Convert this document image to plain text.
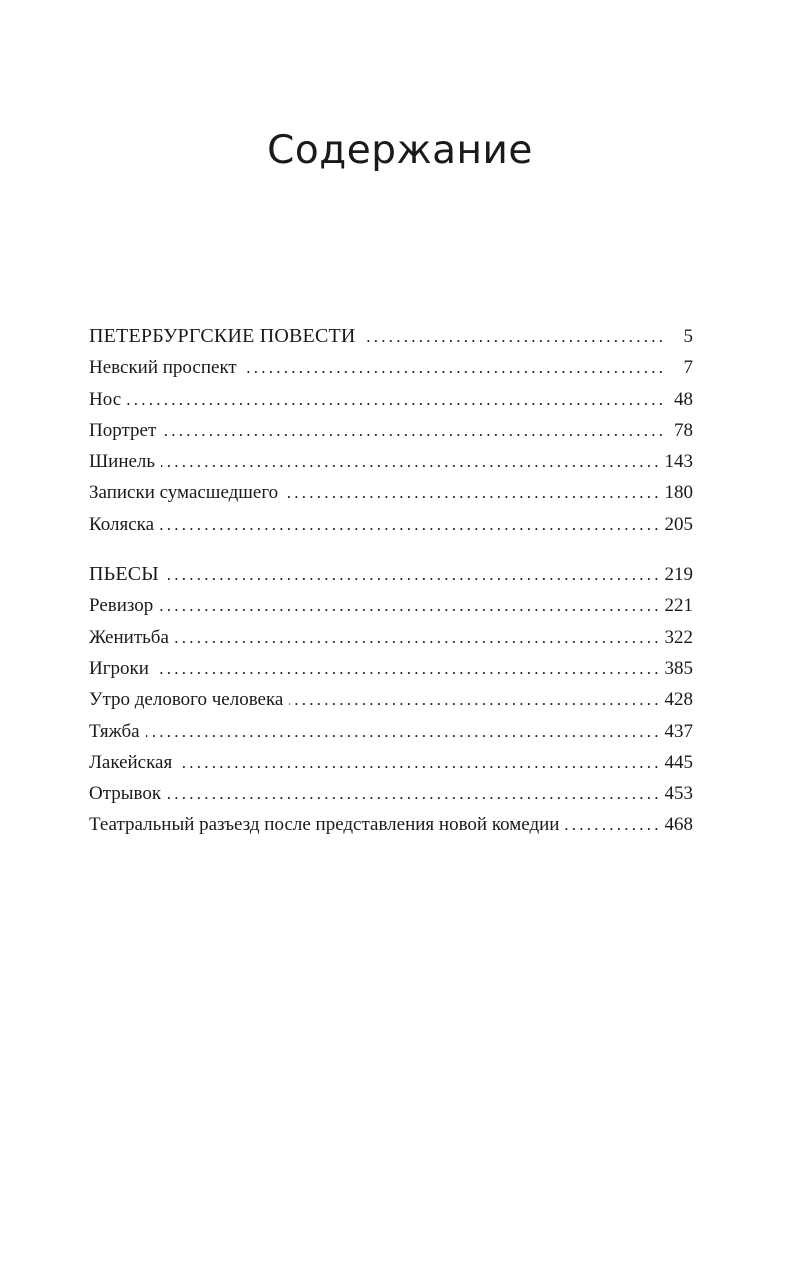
Содержание
ПЕТЕРБУРГСКИЕ ПОВЕСТИ . . .	5
Невский проспект . . .	7
Нос . . .	48
Портрет . . .	78
Шинель . . .	143
Записки сумасшедшего . . .	180
Коляска . . .	205
ПЬЕСЫ . . .	219
Ревизор . . .	221
Женитьба . . .	322
Игроки . . .	385
Утро делового человека . . .	428
Тяжба . . .	437
Лакейская . . .	445
Отрывок . . .	453
Театральный разъезд после представления новой комедии . . .	468
